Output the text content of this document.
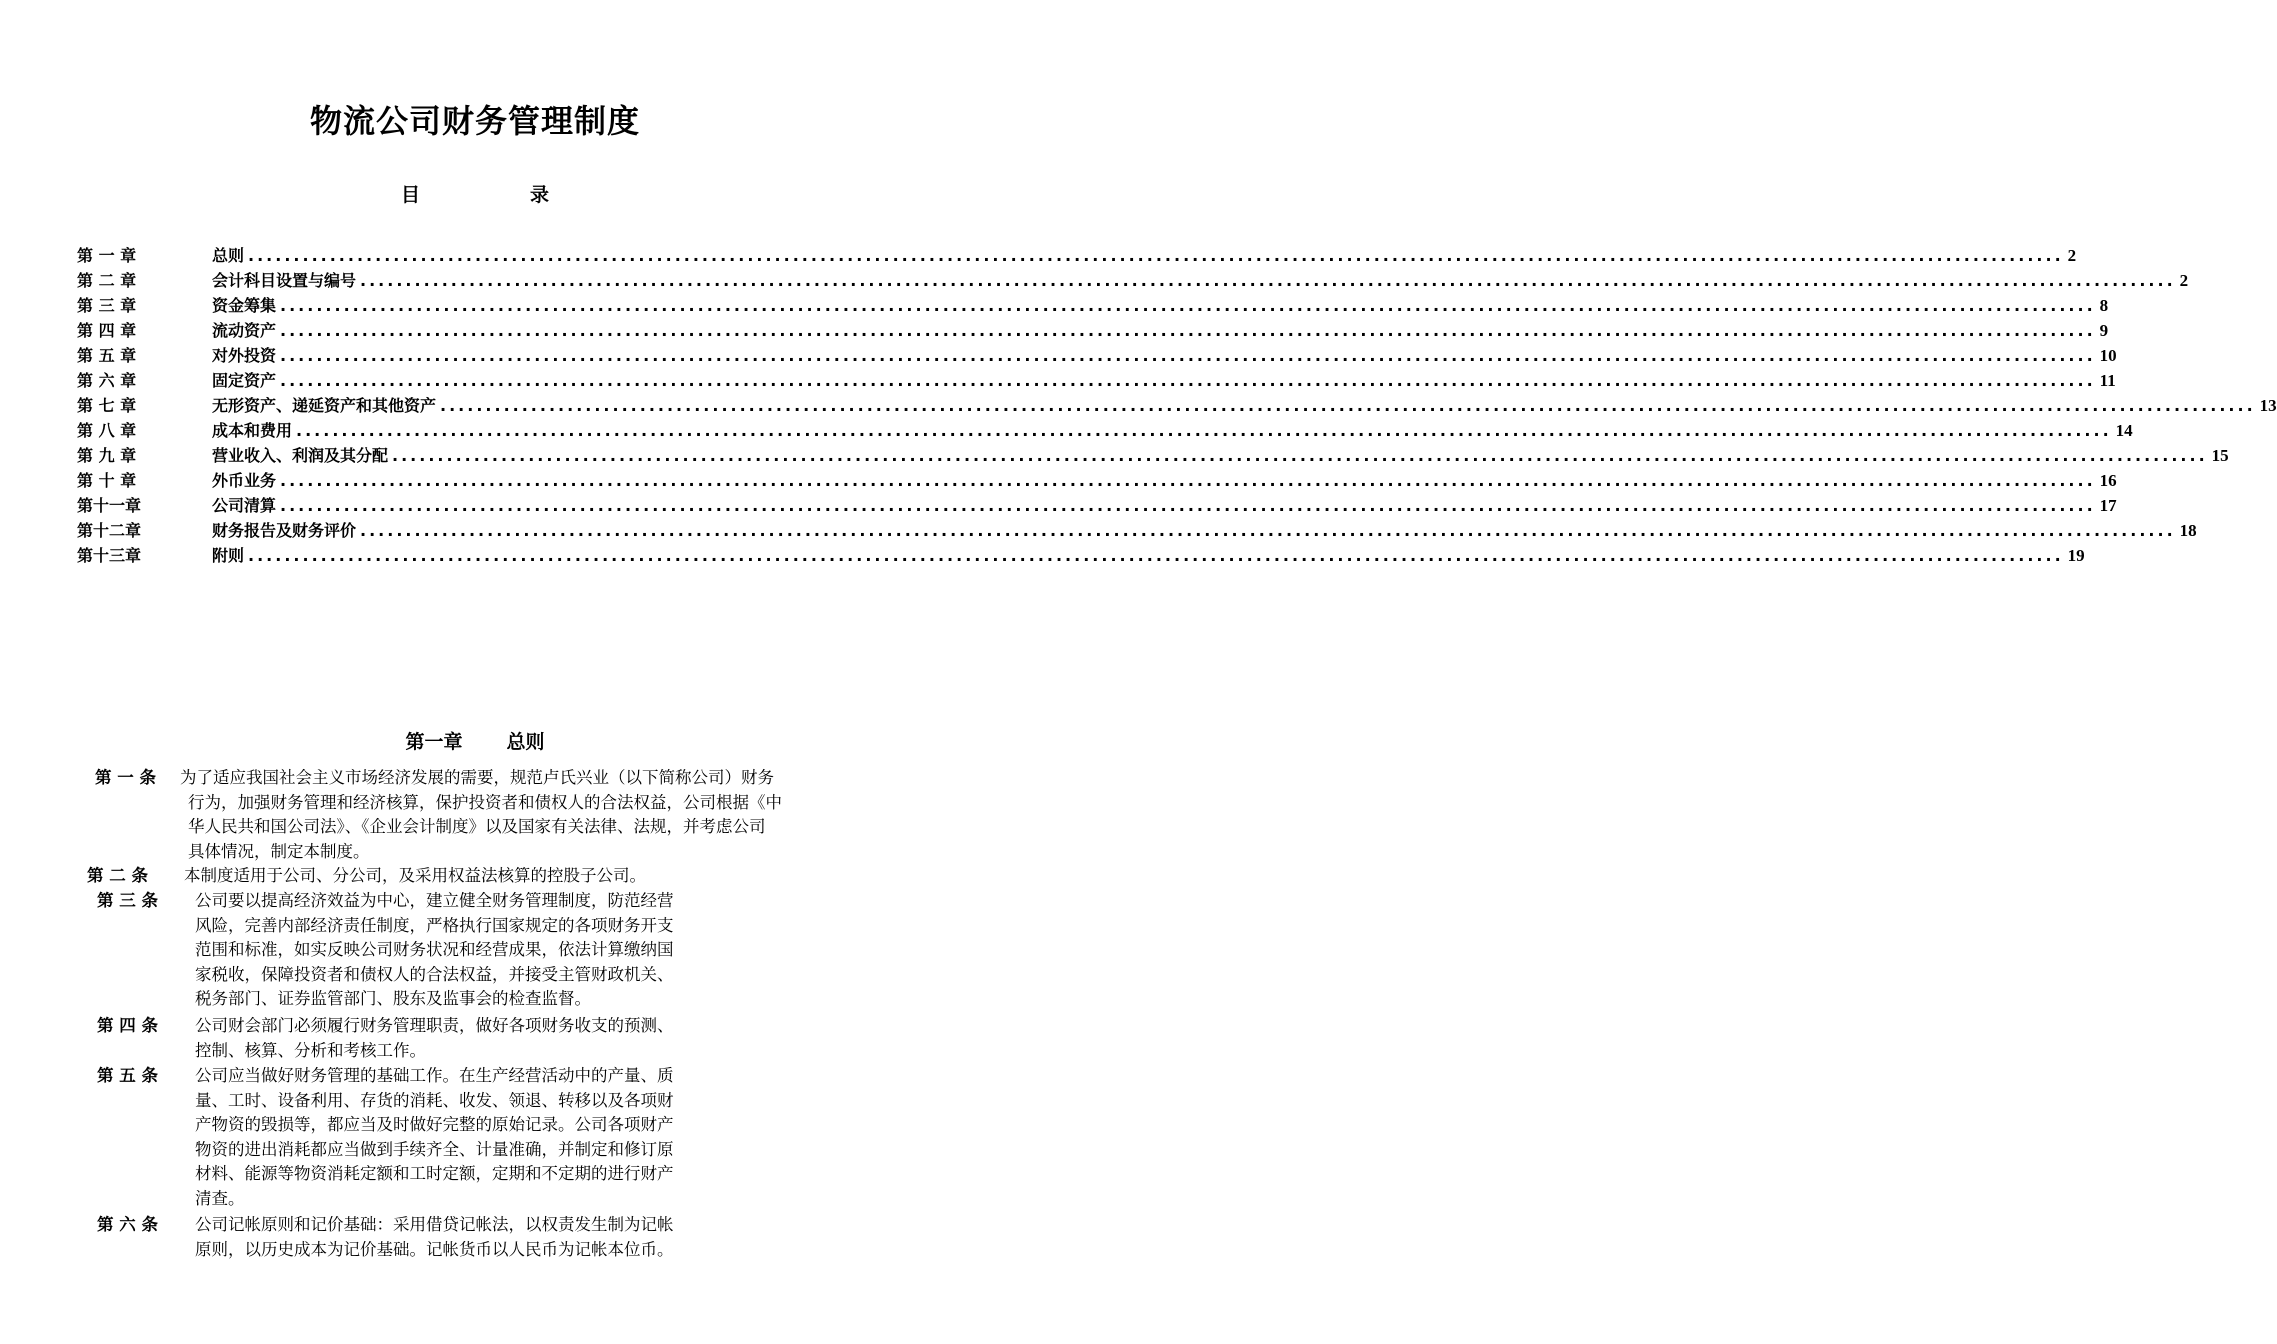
物流公司财务管理制度
目	录
第 一 章	总则 ........................................................................................................................................................................................................ 2
第 二 章	会计科目设置与编号 ........................................................................................................................................................................................................ 2
第 三 章	资金筹集 ........................................................................................................................................................................................................ 8
第 四 章	流动资产 ........................................................................................................................................................................................................ 9
第 五 章	对外投资 ........................................................................................................................................................................................................ 10
第 六 章	固定资产 ........................................................................................................................................................................................................ 11
第 七 章	无形资产、递延资产和其他资产 ........................................................................................................................................................................................................ 13
第 八 章	成本和费用 ........................................................................................................................................................................................................ 14
第 九 章	营业收入、利润及其分配 ........................................................................................................................................................................................................ 15
第 十 章	外币业务 ........................................................................................................................................................................................................ 16
第十一章	公司清算 ........................................................................................................................................................................................................ 17
第十二章	财务报告及财务评价 ........................................................................................................................................................................................................ 18
第十三章	附则 ........................................................................................................................................................................................................ 19
第一章 总则
第 一 条 为了适应我国社会主义市场经济发展的需要，规范卢氏兴业（以下简称公司）财务
行为，加强财务管理和经济核算，保护投资者和债权人的合法权益，公司根据《中
华人民共和国公司法》、《企业会计制度》以及国家有关法律、法规，并考虑公司
具体情况，制定本制度。
第 二 条 本制度适用于公司、分公司，及采用权益法核算的控股子公司。
第 三 条 公司要以提高经济效益为中心，建立健全财务管理制度，防范经营
风险，完善内部经济责任制度，严格执行国家规定的各项财务开支
范围和标准，如实反映公司财务状况和经营成果，依法计算缴纳国
家税收，保障投资者和债权人的合法权益，并接受主管财政机关、
税务部门、证券监管部门、股东及监事会的检查监督。
第 四 条 公司财会部门必须履行财务管理职责，做好各项财务收支的预测、
控制、核算、分析和考核工作。
第 五 条 公司应当做好财务管理的基础工作。在生产经营活动中的产量、质
量、工时、设备利用、存货的消耗、收发、领退、转移以及各项财
产物资的毁损等，都应当及时做好完整的原始记录。公司各项财产
物资的进出消耗都应当做到手续齐全、计量准确，并制定和修订原
材料、能源等物资消耗定额和工时定额，定期和不定期的进行财产
清查。
第 六 条 公司记帐原则和记价基础：采用借贷记帐法，以权责发生制为记帐
原则，以历史成本为记价基础。记帐货币以人民币为记帐本位币。
